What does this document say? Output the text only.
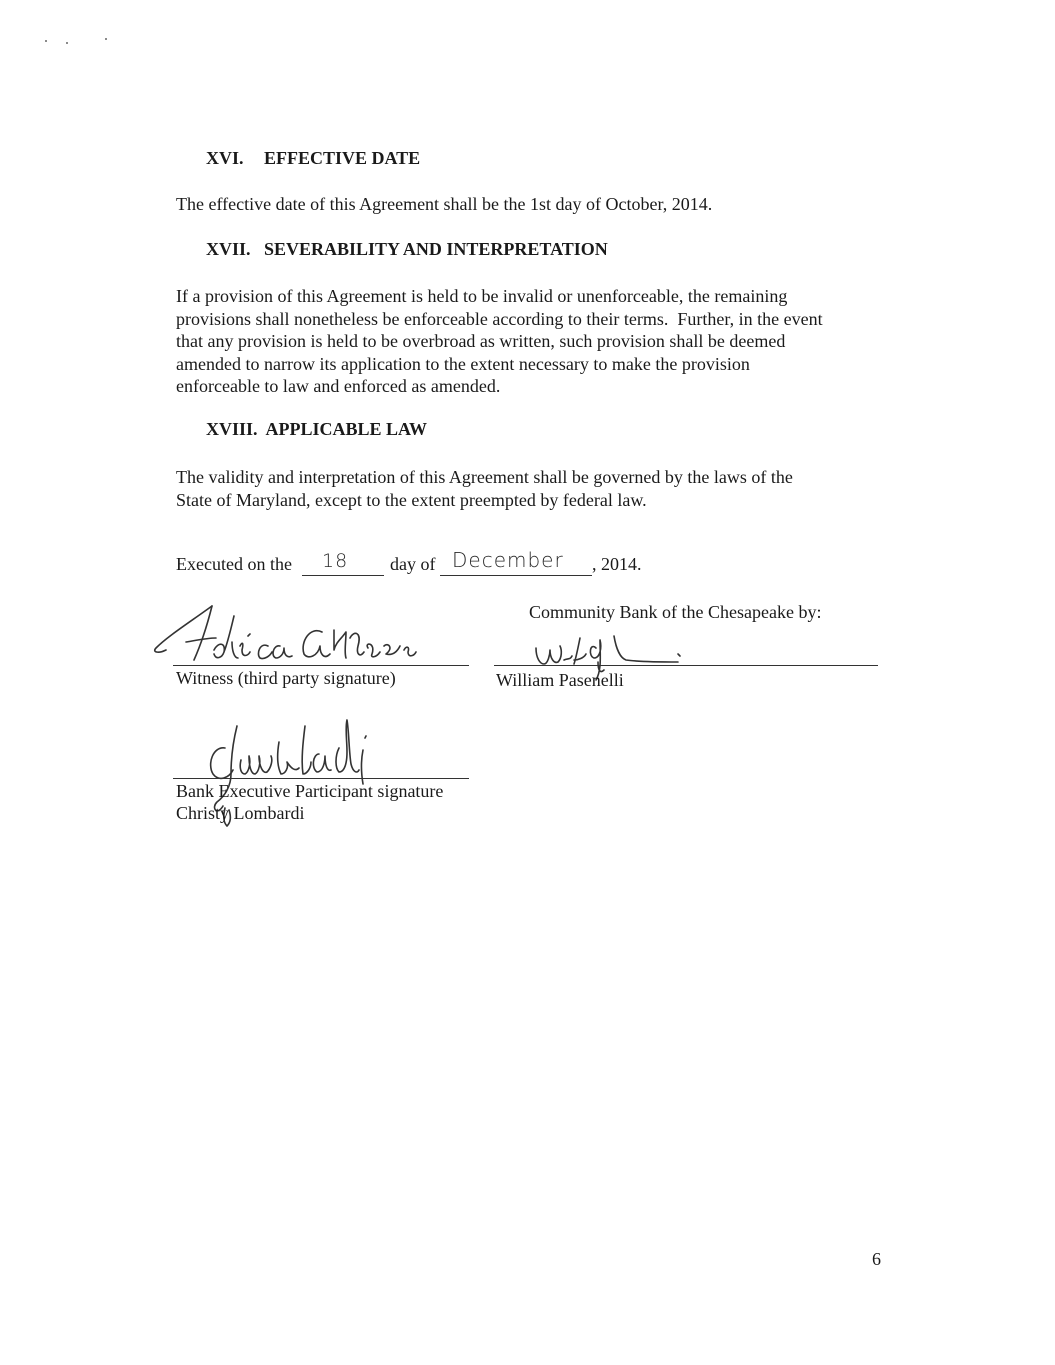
XVI. EFFECTIVE DATE
The effective date of this Agreement shall be the 1st day of October, 2014.
XVII. SEVERABILITY AND INTERPRETATION
If a provision of this Agreement is held to be invalid or unenforceable, the remaining
provisions shall nonetheless be enforceable according to their terms.  Further, in the event
that any provision is held to be overbroad as written, such provision shall be deemed
amended to narrow its application to the extent necessary to make the provision
enforceable to law and enforced as amended.
XVIII. APPLICABLE LAW
The validity and interpretation of this Agreement shall be governed by the laws of the
State of Maryland, except to the extent preempted by federal law.
Executed on the 18 day of December , 2014.
Community Bank of the Chesapeake by:
Witness (third party signature)	William Pasenelli
Bank Executive Participant signature
Christy Lombardi
6
